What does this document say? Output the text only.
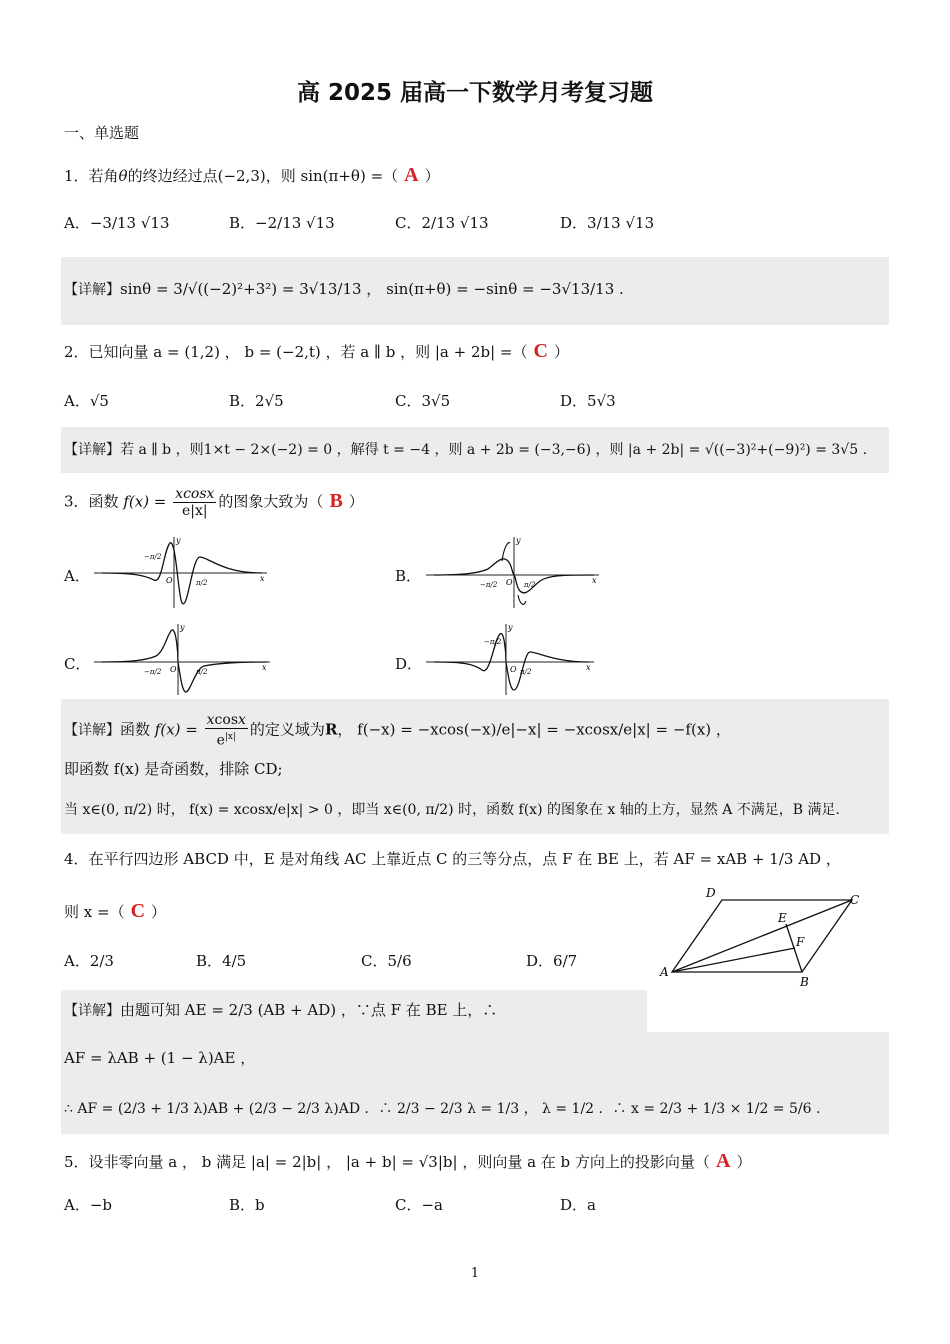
高 2025 届高一下数学月考复习题
一、单选题
1．若角θ的终边经过点(−2,3)，则 sin(π+θ) =（ A ）
A．−3/13 √13	B．−2/13 √13	C．2/13 √13	D．3/13 √13
【详解】sinθ = 3/√((−2)²+3²) = 3√13/13 ， sin(π+θ) = −sinθ = −3√13/13 .
2．已知向量 a = (1,2) ， b = (−2,t) ，若 a ∥ b ，则 |a + 2b| =（ C ）
A．√5	B．2√5	C．3√5	D．5√3
【详解】若 a ∥ b ，则1×t − 2×(−2) = 0 ，解得 t = −4 ，则 a + 2b = (−3,−6) ，则 |a + 2b| = √((−3)²+(−9)²) = 3√5 .
3．函数 $f(x) = \frac{xcosx}{e|x|}$ 的图象大致为（ B ）
A．
y
x
O
−π/2
π/2	B．
y
x
O
−π/2	π/2
C．
y
x
O
−π/2	π/2	D．
y
x
O
−π/2
π/2
【详解】函数 $f(x) = \frac{xcosx}{e^{|x|}}$ 的定义域为R， f(−x) = −xcos(−x)/e|−x| = −xcosx/e|x| = −f(x) ，
即函数 f(x) 是奇函数，排除 CD;
当 x∈(0, π/2) 时， f(x) = xcosx/e|x| > 0 ，即当 x∈(0, π/2) 时，函数 f(x) 的图象在 x 轴的上方，显然 A 不满足，B 满足.
4．在平行四边形 ABCD 中，E 是对角线 AC 上靠近点 C 的三等分点，点 F 在 BE 上，若 AF = xAB + 1/3 AD ，
则 x =（ C ）
A．2/3	B．4/5	C．5/6	D．6/7
A
B
C
D
E
F
【详解】由题可知 AE = 2/3 (AB + AD) ，∵点 F 在 BE 上，∴
AF = λAB + (1 − λ)AE ，
∴ AF = (2/3 + 1/3 λ)AB + (2/3 − 2/3 λ)AD ．∴ 2/3 − 2/3 λ = 1/3 ， λ = 1/2 ．∴ x = 2/3 + 1/3 × 1/2 = 5/6 .
5．设非零向量 a ， b 满足 |a| = 2|b| ， |a + b| = √3|b| ，则向量 a 在 b 方向上的投影向量（ A ）
A．−b	B．b	C．−a	D．a
1
